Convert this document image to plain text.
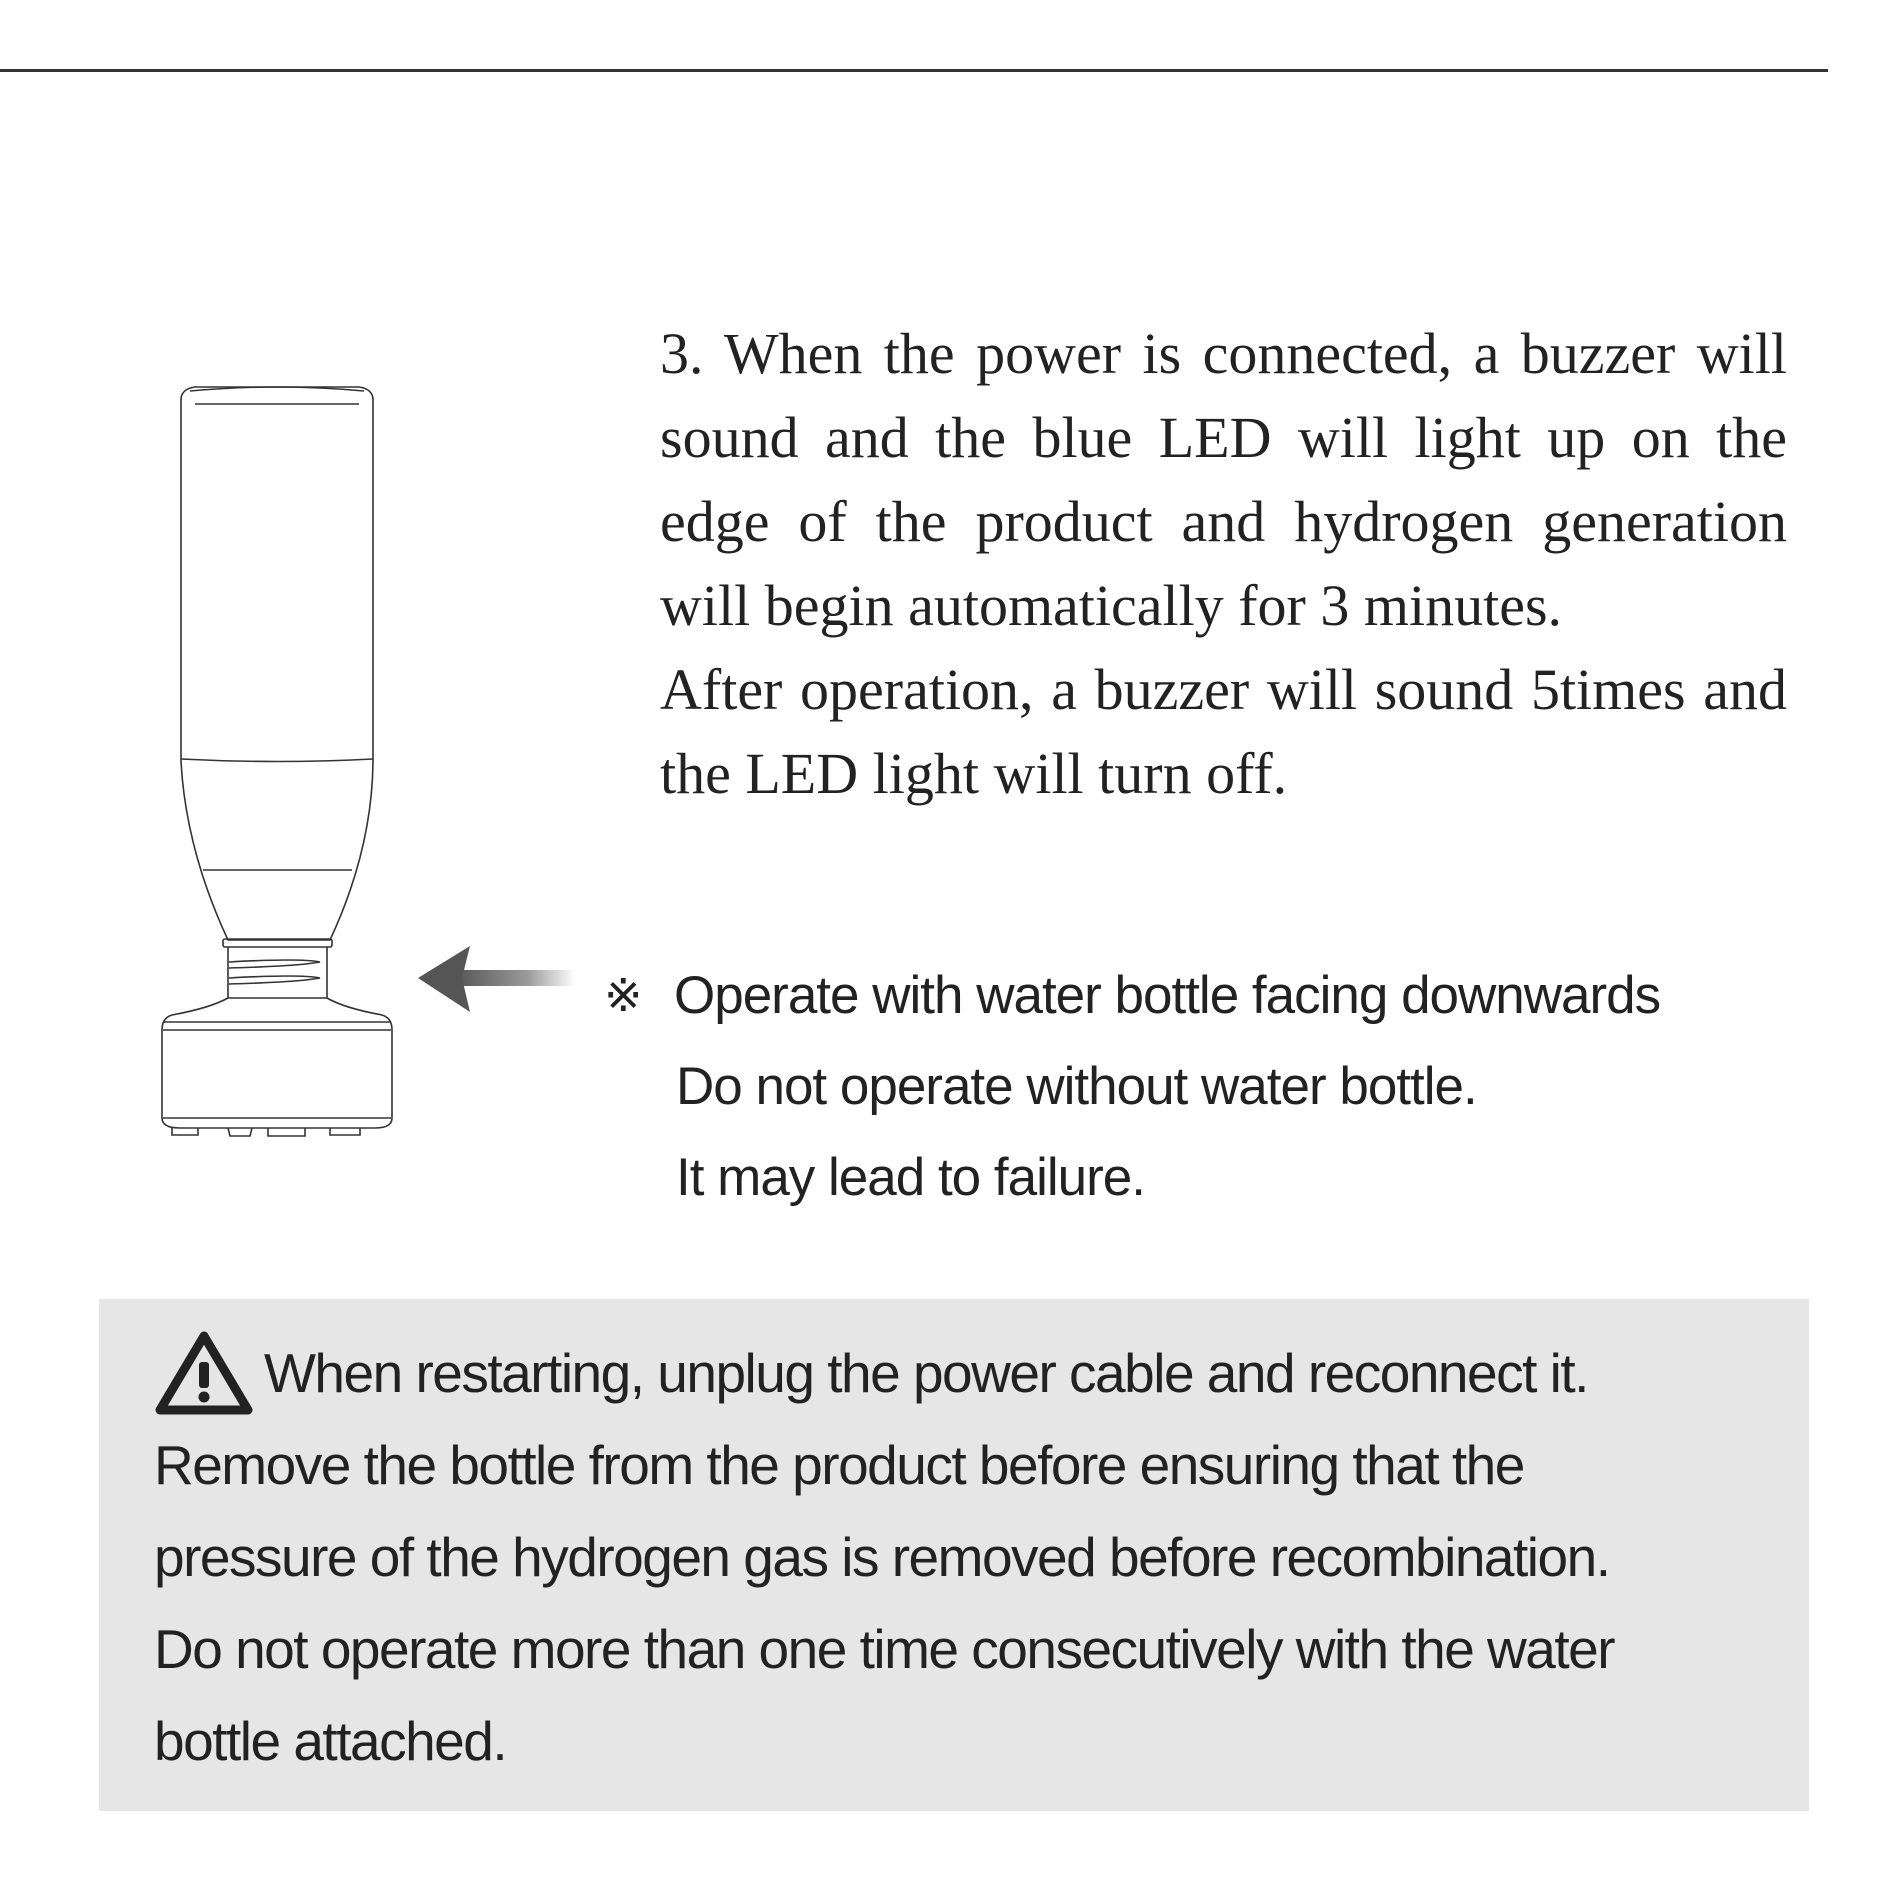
3. When the power is connected, a buzzer will sound and the blue LED will light up on the edge of the product and hydrogen generation will begin automatically for 3 minutes.

After operation, a buzzer will sound 5times and the LED light will turn off.

※ Operate with water bottle facing downwards
Do not operate without water bottle.
It may lead to failure.
When restarting, unplug the power cable and reconnect it.
Remove the bottle from the product before ensuring that the
pressure of the hydrogen gas is removed before recombination.
Do not operate more than one time consecutively with the water
bottle attached.
